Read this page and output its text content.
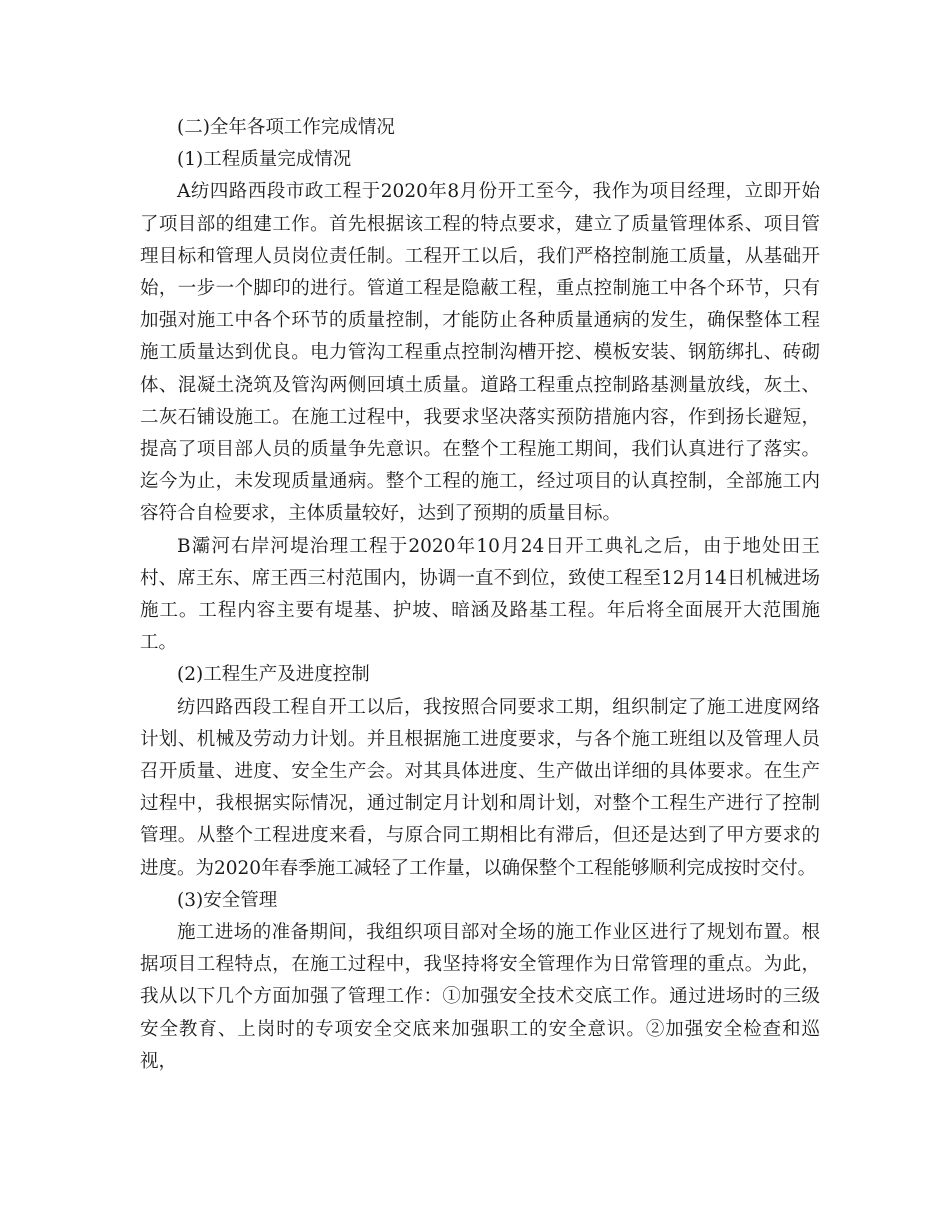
(二)全年各项工作完成情况

(1)工程质量完成情况

A纺四路西段市政工程于2020年8月份开工至今，我作为项目经理，立即开始了项目部的组建工作。首先根据该工程的特点要求，建立了质量管理体系、项目管理目标和管理人员岗位责任制。工程开工以后，我们严格控制施工质量，从基础开始，一步一个脚印的进行。管道工程是隐蔽工程，重点控制施工中各个环节，只有加强对施工中各个环节的质量控制，才能防止各种质量通病的发生，确保整体工程施工质量达到优良。电力管沟工程重点控制沟槽开挖、模板安装、钢筋绑扎、砖砌体、混凝土浇筑及管沟两侧回填土质量。道路工程重点控制路基测量放线，灰土、二灰石铺设施工。在施工过程中，我要求坚决落实预防措施内容，作到扬长避短，提高了项目部人员的质量争先意识。在整个工程施工期间，我们认真进行了落实。迄今为止，未发现质量通病。整个工程的施工，经过项目的认真控制，全部施工内容符合自检要求，主体质量较好，达到了预期的质量目标。

B灞河右岸河堤治理工程于2020年10月24日开工典礼之后，由于地处田王村、席王东、席王西三村范围内，协调一直不到位，致使工程至12月14日机械进场施工。工程内容主要有堤基、护坡、暗涵及路基工程。年后将全面展开大范围施工。

(2)工程生产及进度控制

纺四路西段工程自开工以后，我按照合同要求工期，组织制定了施工进度网络计划、机械及劳动力计划。并且根据施工进度要求，与各个施工班组以及管理人员召开质量、进度、安全生产会。对其具体进度、生产做出详细的具体要求。在生产过程中，我根据实际情况，通过制定月计划和周计划，对整个工程生产进行了控制管理。从整个工程进度来看，与原合同工期相比有滞后，但还是达到了甲方要求的进度。为2020年春季施工减轻了工作量，以确保整个工程能够顺利完成按时交付。

(3)安全管理

施工进场的准备期间，我组织项目部对全场的施工作业区进行了规划布置。根据项目工程特点，在施工过程中，我坚持将安全管理作为日常管理的重点。为此，我从以下几个方面加强了管理工作：①加强安全技术交底工作。通过进场时的三级安全教育、上岗时的专项安全交底来加强职工的安全意识。②加强安全检查和巡视，
